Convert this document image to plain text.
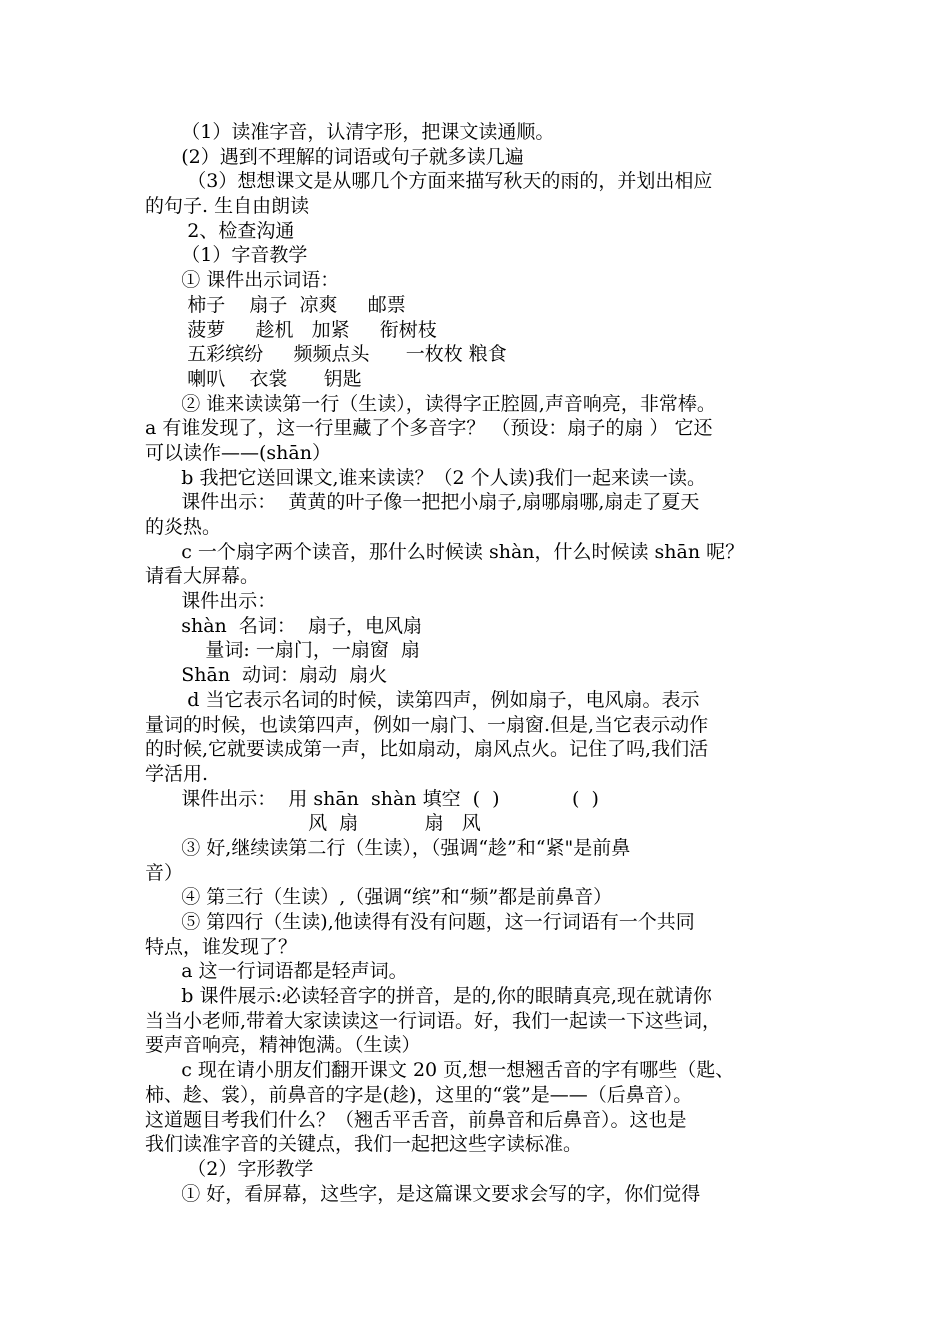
（1）读准字音，认清字形，把课文读通顺。
(2）遇到不理解的词语或句子就多读几遍
（3）想想课文是从哪几个方面来描写秋天的雨的，并划出相应
的句子. 生自由朗读
2、检查沟通
（1）字音教学
① 课件出示词语：
柿子    扇子  凉爽     邮票
菠萝     趁机   加紧     衔树枝
五彩缤纷     频频点头      一枚枚 粮食
喇叭    衣裳      钥匙
② 谁来读读第一行（生读），读得字正腔圆,声音响亮，非常棒。
a 有谁发现了，这一行里藏了个多音字？ （预设：扇子的扇 ） 它还
可以读作——(shān）
b 我把它送回课文,谁来读读？（2 个人读)我们一起来读一读。
课件出示：  黄黄的叶子像一把把小扇子,扇哪扇哪,扇走了夏天
的炎热。
c 一个扇字两个读音，那什么时候读 shàn，什么时候读 shān 呢？
请看大屏幕。
课件出示：
shàn  名词：  扇子，电风扇
量词: 一扇门，一扇窗  扇
Shān  动词：扇动  扇火
d 当它表示名词的时候，读第四声，例如扇子，电风扇。表示
量词的时候，也读第四声，例如一扇门、一扇窗.但是,当它表示动作
的时候,它就要读成第一声，比如扇动，扇风点火。记住了吗,我们活
学活用.
课件出示：  用 shān  shàn 填空  (  )            (  )
风  扇           扇   风
③ 好,继续读第二行（生读），（强调“趁”和“紧"是前鼻
音）
④ 第三行（生读）,（强调“缤”和“频”都是前鼻音）
⑤ 第四行（生读),他读得有没有问题，这一行词语有一个共同
特点，谁发现了？
a 这一行词语都是轻声词。
b 课件展示:必读轻音字的拼音，是的,你的眼睛真亮,现在就请你
当当小老师,带着大家读读这一行词语。好，我们一起读一下这些词，
要声音响亮，精神饱满。（生读）
c 现在请小朋友们翻开课文 20 页,想一想翘舌音的字有哪些（匙、
柿、趁、裳），前鼻音的字是(趁)，这里的“裳”是——（后鼻音）。
这道题目考我们什么？（翘舌平舌音，前鼻音和后鼻音）。这也是
我们读准字音的关键点，我们一起把这些字读标准。
（2）字形教学
① 好，看屏幕，这些字，是这篇课文要求会写的字，你们觉得
